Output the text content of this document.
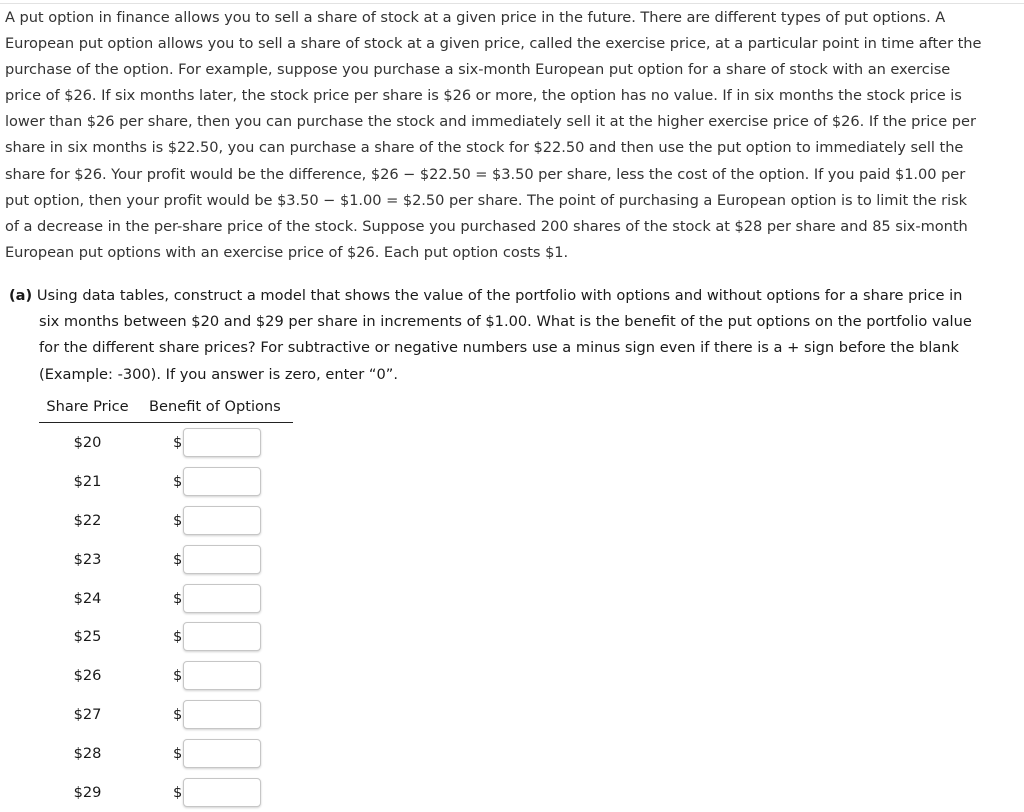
A put option in finance allows you to sell a share of stock at a given price in the future. There are different types of put options. A
European put option allows you to sell a share of stock at a given price, called the exercise price, at a particular point in time after the
purchase of the option. For example, suppose you purchase a six-month European put option for a share of stock with an exercise
price of $26. If six months later, the stock price per share is $26 or more, the option has no value. If in six months the stock price is
lower than $26 per share, then you can purchase the stock and immediately sell it at the higher exercise price of $26. If the price per
share in six months is $22.50, you can purchase a share of the stock for $22.50 and then use the put option to immediately sell the
share for $26. Your profit would be the difference, $26 − $22.50 = $3.50 per share, less the cost of the option. If you paid $1.00 per
put option, then your profit would be $3.50 − $1.00 = $2.50 per share. The point of purchasing a European option is to limit the risk
of a decrease in the per-share price of the stock. Suppose you purchased 200 shares of the stock at $28 per share and 85 six-month
European put options with an exercise price of $26. Each put option costs $1.
(a) Using data tables, construct a model that shows the value of the portfolio with options and without options for a share price in
six months between $20 and $29 per share in increments of $1.00. What is the benefit of the put options on the portfolio value
for the different share prices? For subtractive or negative numbers use a minus sign even if there is a + sign before the blank
(Example: -300). If you answer is zero, enter “0”.
Share Price	Benefit of Options
$20	$

$21	$

$22	$

$23	$

$24	$

$25	$

$26	$

$27	$

$28	$

$29	$
